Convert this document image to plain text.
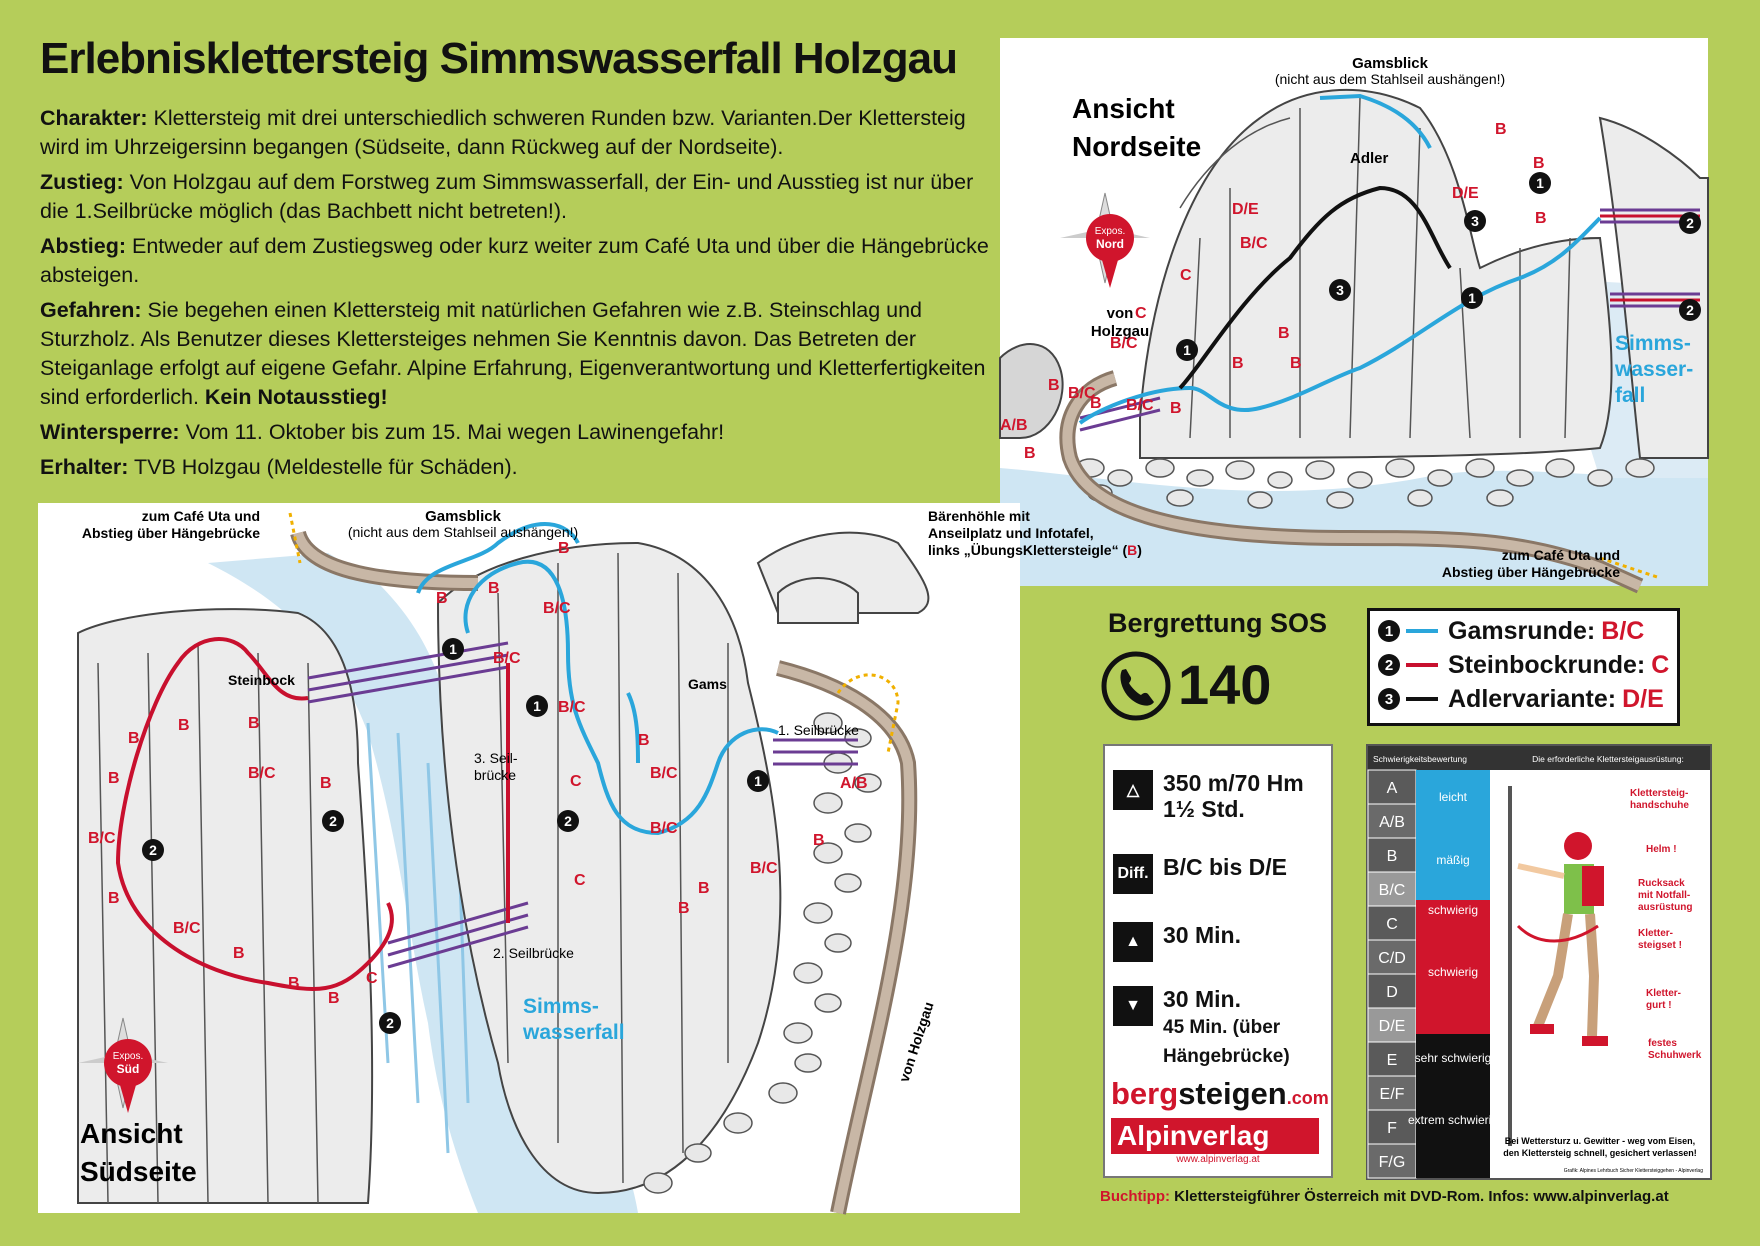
Erlebnisklettersteig Simmswasserfall Holzgau

Charakter: Klettersteig mit drei unterschiedlich schweren Runden bzw. Varianten.Der Klettersteig wird im Uhrzeigersinn begangen (Südseite, dann Rückweg auf der Nordseite).

Zustieg: Von Holzgau auf dem Forstweg zum Simmswasserfall, der Ein- und Ausstieg ist nur über die 1.Seilbrücke möglich (das Bachbett nicht betreten!).

Abstieg: Entweder auf dem Zustiegsweg oder kurz weiter zum Café Uta und über die Hängebrücke absteigen.

Gefahren: Sie begehen einen Klettersteig mit natürlichen Gefahren wie z.B. Steinschlag und Sturzholz. Als Benutzer dieses Klettersteiges nehmen Sie Kenntnis davon. Das Betreten der Steiganlage erfolgt auf eigene Gefahr. Alpine Erfahrung, Eigenverantwortung und Kletterfertigkeiten sind erforderlich. Kein Notausstieg!

Wintersperre: Vom 11. Oktober bis zum 15. Mai wegen Lawinengefahr!

Erhalter: TVB Holzgau (Meldestelle für Schäden).

Expos.
Nord
Ansicht
Nordseite
Gamsblick
(nicht aus dem Stahlseil aushängen!)
Adler
von
Holzgau
Simms-
wasser-
fall
zum Café Uta und
Abstieg über Hängebrücke
B
B
D/E
D/E
B
B/C
C
C
B/C
B/C
B
B/C
B
B
B	B
B
A/B
B
1
3
3	1
1
2
2
Expos.
Süd
Ansicht
Südseite
zum Café Uta und
Abstieg über Hängebrücke
Gamsblick
(nicht aus dem Stahlseil aushängen!)
Bärenhöhle mit
Anseilplatz und Infotafel,
links „ÜbungsKlettersteigle“ (B)
Steinbock	Gams
1. Seilbrücke
2. Seilbrücke
3. Seil-
brücke
Simms-
wasserfall	von Holzgau
B
B/C
B
B/C
B
B/C
B
B
B
B/C
B
B/C
B
B
B
C
B
B/C	C
B
B/C
B/C
B
B/C
B
C
B
A/B
B
1
1
2	2
2
1
2
Bergrettung SOS
140
1 Gamsrunde: B/C
2 Steinbockrunde: C
3 Adlervariante: D/E
△	350 m/70 Hm
1½ Std.
Diff. B/C bis D/E
▲ 30 Min.
▼ 30 Min.
45 Min. (über
Hängebrücke)
bergsteigen.com
Alpinverlag
www.alpinverlag.at
Schwierigkeitsbewertung	Die erforderliche Klettersteigausrüstung:
A
A/B
B
B/C
C
C/D
D
D/E
E
E/F
F
F/G
leicht
mäßig
schwierig
schwierig
sehr schwierig
extrem schwierig
Klettersteig-
handschuhe
Helm !
Rucksack
mit Notfall-
ausrüstung
Kletter-
steigset !
Kletter-
gurt !
festes
Schuhwerk
Bei Wettersturz u. Gewitter - weg vom Eisen,
den Klettersteig schnell, gesichert verlassen!
Grafik: Alpines Lehrbuch Sicher Klettersteiggehen - Alpinverlag
Buchtipp: Klettersteigführer Österreich mit DVD-Rom. Infos: www.alpinverlag.at
